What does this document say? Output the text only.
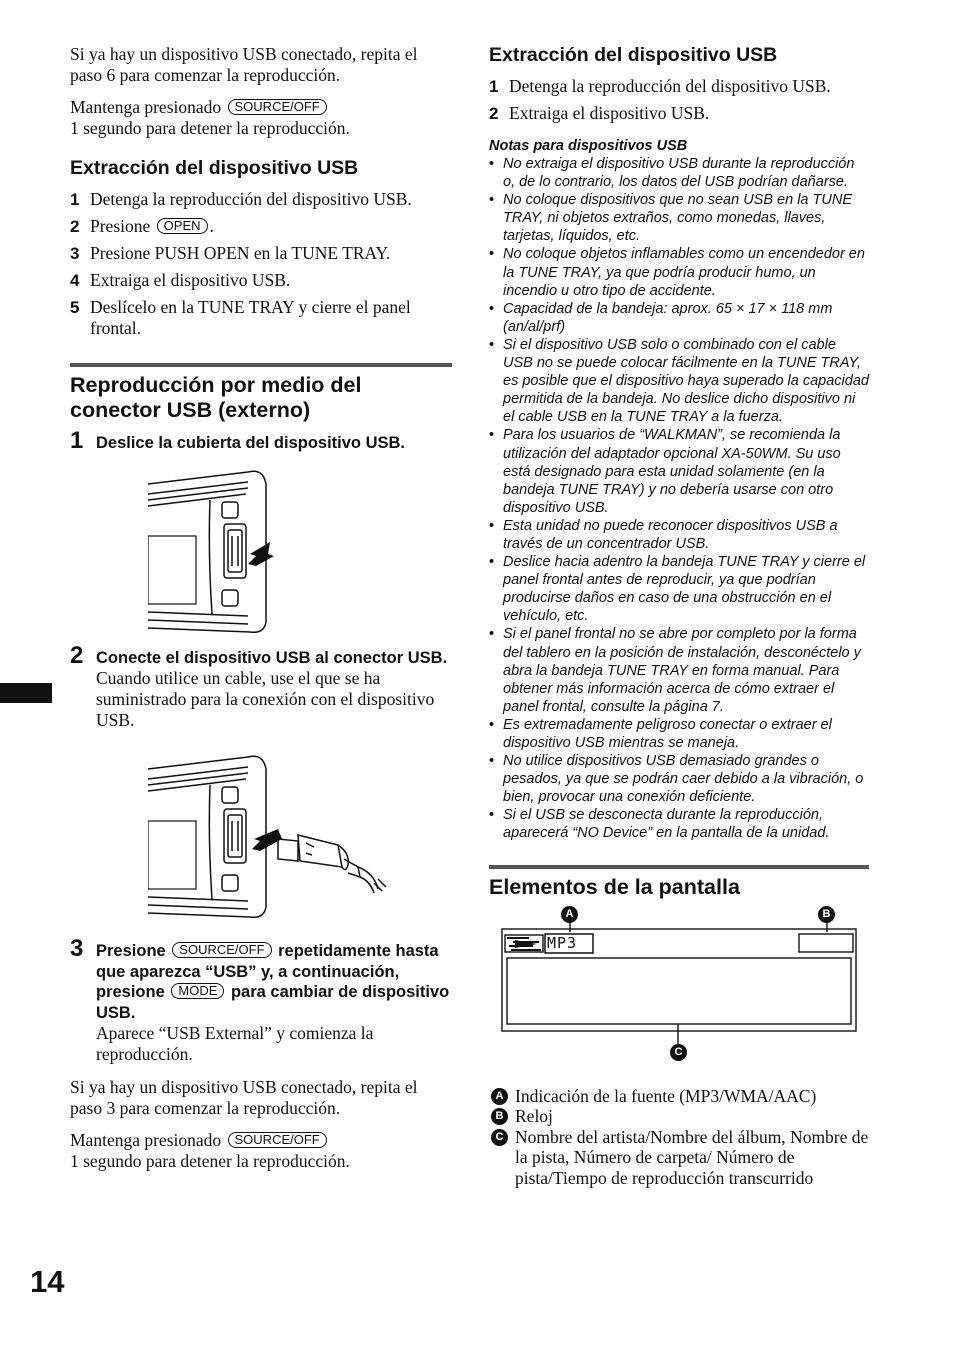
14

Si ya hay un dispositivo USB conectado, repita el paso 6 para comenzar la reproducción.

Mantenga presionado SOURCE/OFF
1 segundo para detener la reproducción.

Extracción del dispositivo USB
1 Detenga la reproducción del dispositivo USB.
2 Presione OPEN .
3 Presione PUSH OPEN en la TUNE TRAY.
4 Extraiga el dispositivo USB.
5 Deslícelo en la TUNE TRAY y cierre el panel frontal.
Reproducción por medio del conector USB (externo)
1 Deslice la cubierta del dispositivo USB.
2 Conecte el dispositivo USB al conector USB.
Cuando utilice un cable, use el que se ha suministrado para la conexión con el dispositivo USB.
3 Presione SOURCE/OFF repetidamente hasta que aparezca “USB” y, a continuación, presione MODE para cambiar de dispositivo USB.
Aparece “USB External” y comienza la reproducción.

Si ya hay un dispositivo USB conectado, repita el paso 3 para comenzar la reproducción.

Mantenga presionado SOURCE/OFF
1 segundo para detener la reproducción.

Extracción del dispositivo USB
1 Detenga la reproducción del dispositivo USB.
2 Extraiga el dispositivo USB.
Notas para dispositivos USB
• No extraiga el dispositivo USB durante la reproducción o, de lo contrario, los datos del USB podrían dañarse.
• No coloque dispositivos que no sean USB en la TUNE TRAY, ni objetos extraños, como monedas, llaves, tarjetas, líquidos, etc.
• No coloque objetos inflamables como un encendedor en la TUNE TRAY, ya que podría producir humo, un incendio u otro tipo de accidente.
• Capacidad de la bandeja: aprox. 65 × 17 × 118 mm (an/al/prf)
• Si el dispositivo USB solo o combinado con el cable USB no se puede colocar fácilmente en la TUNE TRAY, es posible que el dispositivo haya superado la capacidad permitida de la bandeja. No deslice dicho dispositivo ni el cable USB en la TUNE TRAY a la fuerza.
• Para los usuarios de “WALKMAN”, se recomienda la utilización del adaptador opcional XA-50WM. Su uso está designado para esta unidad solamente (en la bandeja TUNE TRAY) y no debería usarse con otro dispositivo USB.
• Esta unidad no puede reconocer dispositivos USB a través de un concentrador USB.
• Deslice hacia adentro la bandeja TUNE TRAY y cierre el panel frontal antes de reproducir, ya que podrían producirse daños en caso de una obstrucción en el vehículo, etc.
• Si el panel frontal no se abre por completo por la forma del tablero en la posición de instalación, desconéctelo y abra la bandeja TUNE TRAY en forma manual. Para obtener más información acerca de cómo extraer el panel frontal, consulte la página 7.
• Es extremadamente peligroso conectar o extraer el dispositivo USB mientras se maneja.
• No utilice dispositivos USB demasiado grandes o pesados, ya que se podrán caer debido a la vibración, o bien, provocar una conexión deficiente.
• Si el USB se desconecta durante la reproducción, aparecerá “NO Device” en la pantalla de la unidad.
Elementos de la pantalla
MP3
A	B
C
A Indicación de la fuente (MP3/WMA/AAC)
B Reloj
C Nombre del artista/Nombre del álbum, Nombre de la pista, Número de carpeta/ Número de pista/Tiempo de reproducción transcurrido
